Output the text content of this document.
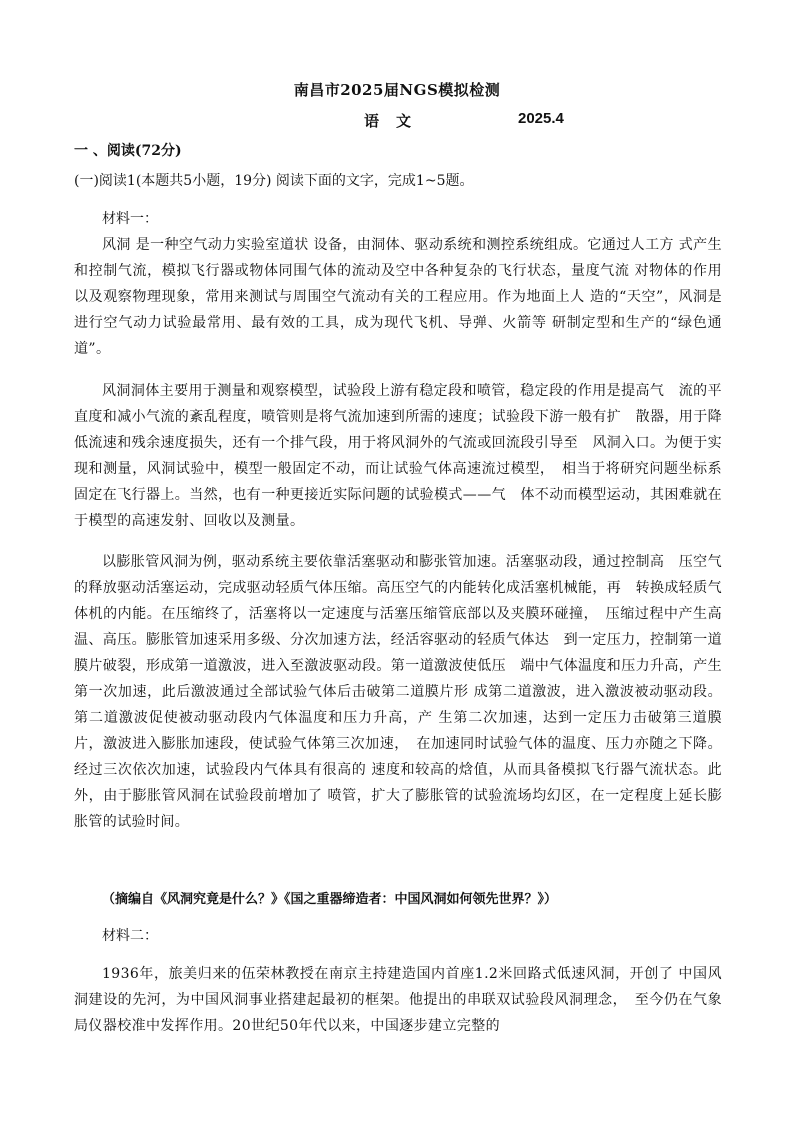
南昌市2025届NGS模拟检测
语　文	2025.4
一 、阅读(72分)
(一)阅读1(本题共5小题，19分) 阅读下面的文字，完成1~5题。
材料一：

风洞 是一种空气动力实验室道状 设备，由洞体、驱动系统和测控系统组成。它通过人工方 式产生和控制气流，模拟飞行器或物体同围气体的流动及空中各种复杂的飞行状态，量度气流 对物体的作用以及观察物理现象，常用来测试与周围空气流动有关的工程应用。作为地面上人 造的“天空”，风洞是进行空气动力试验最常用、最有效的工具，成为现代飞机、导弹、火箭等 研制定型和生产的“绿色通道”。

风洞洞体主要用于测量和观察模型，试验段上游有稳定段和喷管，稳定段的作用是提高气　流的平直度和减小气流的紊乱程度，喷管则是将气流加速到所需的速度；试验段下游一般有扩　散器，用于降低流速和残余速度损失，还有一个排气段，用于将风洞外的气流或回流段引导至　风洞入口。为便于实现和测量，风洞试验中，模型一般固定不动，而让试验气体高速流过模型，　相当于将研究问题坐标系固定在飞行器上。当然，也有一种更接近实际问题的试验模式——气　体不动而模型运动，其困难就在于模型的高速发射、回收以及测量。

以膨胀管风洞为例，驱动系统主要依靠活塞驱动和膨张管加速。活塞驱动段，通过控制高　压空气的释放驱动活塞运动，完成驱动轻质气体压缩。高压空气的内能转化成活塞机械能，再　转换成轻质气体机的内能。在压缩终了，活塞将以一定速度与活塞压缩管底部以及夹膜环碰撞，　压缩过程中产生高温、高压。膨胀管加速采用多级、分次加速方法，经活容驱动的轻质气体达　到一定压力，控制第一道膜片破裂，形成第一道激波，进入至激波驱动段。第一道激波使低压　端中气体温度和压力升高，产生第一次加速，此后激波通过全部试验气体后击破第二道膜片形 成第二道激波，进入激波被动驱动段。第二道激波促使被动驱动段内气体温度和压力升高，产 生第二次加速，达到一定压力击破第三道膜片，激波进入膨胀加速段，使试验气体第三次加速，　在加速同时试验气体的温度、压力亦随之下降。经过三次依次加速，试验段内气体具有很高的 速度和较高的焓值，从而具备模拟飞行器气流状态。此外，由于膨胀管风洞在试验段前增加了 喷管，扩大了膨胀管的试验流场均幻区，在一定程度上延长膨胀管的试验时间。

（摘编自《风洞究竟是什么？》《国之重器缔造者：中国风洞如何领先世界？》）
材料二：

1936年，旅美归来的伍荣林教授在南京主持建造国内首座1.2米回路式低速风洞，开创了 中国风洞建设的先河，为中国风洞事业搭建起最初的框架。他提出的串联双试验段风洞理念，　至今仍在气象局仪器校准中发挥作用。20世纪50年代以来，中国逐步建立完整的
